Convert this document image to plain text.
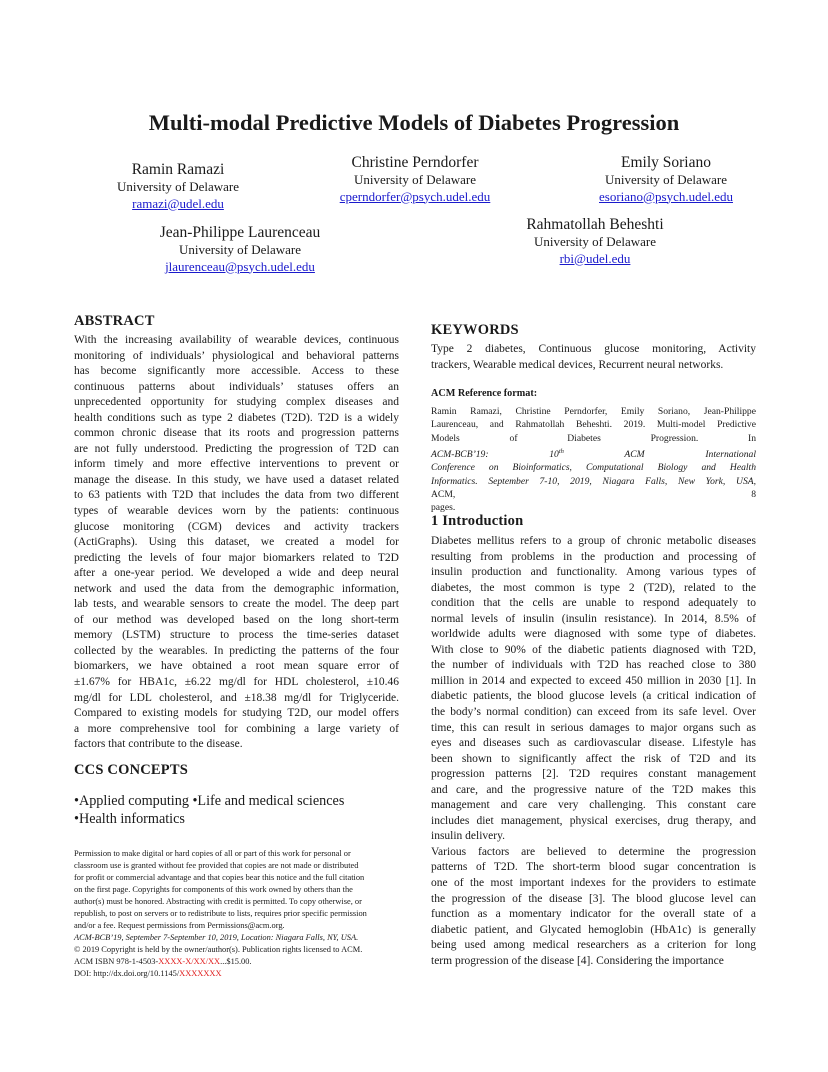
Multi-modal Predictive Models of Diabetes Progression
Ramin Ramazi
University of Delaware
ramazi@udel.edu
Christine Perndorfer
University of Delaware
cperndorfer@psych.udel.edu
Emily Soriano
University of Delaware
esoriano@psych.udel.edu
Jean-Philippe Laurenceau
University of Delaware
jlaurenceau@psych.udel.edu
Rahmatollah Beheshti
University of Delaware
rbi@udel.edu
ABSTRACT
With the increasing availability of wearable devices, continuous
monitoring of individuals’ physiological and behavioral patterns
has become significantly more accessible. Access to these
continuous patterns about individuals’ statuses offers an
unprecedented opportunity for studying complex diseases and
health conditions such as type 2 diabetes (T2D). T2D is a widely
common chronic disease that its roots and progression patterns
are not fully understood. Predicting the progression of T2D can
inform timely and more effective interventions to prevent or
manage the disease. In this study, we have used a dataset related
to 63 patients with T2D that includes the data from two different
types of wearable devices worn by the patients: continuous
glucose monitoring (CGM) devices and activity trackers
(ActiGraphs). Using this dataset, we created a model for
predicting the levels of four major biomarkers related to T2D
after a one-year period. We developed a wide and deep neural
network and used the data from the demographic information,
lab tests, and wearable sensors to create the model. The deep part
of our method was developed based on the long short-term
memory (LSTM) structure to process the time-series dataset
collected by the wearables. In predicting the patterns of the four
biomarkers, we have obtained a root mean square error of
±1.67% for HBA1c, ±6.22 mg/dl for HDL cholesterol, ±10.46
mg/dl for LDL cholesterol, and ±18.38 mg/dl for Triglyceride.
Compared to existing models for studying T2D, our model offers
a more comprehensive tool for combining a large variety of
factors that contribute to the disease.
CCS CONCEPTS
•Applied computing •Life and medical sciences
•Health informatics
Permission to make digital or hard copies of all or part of this work for personal or
classroom use is granted without fee provided that copies are not made or distributed
for profit or commercial advantage and that copies bear this notice and the full citation
on the first page. Copyrights for components of this work owned by others than the
author(s) must be honored. Abstracting with credit is permitted. To copy otherwise, or
republish, to post on servers or to redistribute to lists, requires prior specific permission
and/or a fee. Request permissions from Permissions@acm.org.
ACM-BCB’19, September 7-September 10, 2019, Location: Niagara Falls, NY, USA.
© 2019 Copyright is held by the owner/author(s). Publication rights licensed to ACM.
ACM ISBN 978-1-4503-XXXX-X/XX/XX...$15.00.
DOI: http://dx.doi.org/10.1145/XXXXXXX
KEYWORDS
Type 2 diabetes, Continuous glucose monitoring, Activity
trackers, Wearable medical devices, Recurrent neural networks.
ACM Reference format:
Ramin Ramazi, Christine Perndorfer, Emily Soriano, Jean-Philippe
Laurenceau, and Rahmatollah Beheshti. 2019. Multi-model Predictive
Models of Diabetes Progression. In
ACM-BCB’19: 10th ACM International
Conference on Bioinformatics, Computational Biology and Health
Informatics. September 7-10, 2019, Niagara Falls, New York, USA,
ACM, 8
pages.
1 Introduction
Diabetes mellitus refers to a group of chronic metabolic diseases
resulting from problems in the production and processing of
insulin production and functionality. Among various types of
diabetes, the most common is type 2 (T2D), related to the
condition that the cells are unable to respond adequately to
normal levels of insulin (insulin resistance). In 2014, 8.5% of
worldwide adults were diagnosed with some type of diabetes.
With close to 90% of the diabetic patients diagnosed with T2D,
the number of individuals with T2D has reached close to 380
million in 2014 and expected to exceed 450 million in 2030 [1]. In
diabetic patients, the blood glucose levels (a critical indication of
the body’s normal condition) can exceed from its safe level. Over
time, this can result in serious damages to major organs such as
eyes and diseases such as cardiovascular disease. Lifestyle has
been shown to significantly affect the risk of T2D and its
progression patterns [2]. T2D requires constant management
and care, and the progressive nature of the T2D makes this
management and care very challenging. This constant care
includes diet management, physical exercises, drug therapy, and
insulin delivery.
Various factors are believed to determine the progression
patterns of T2D. The short-term blood sugar concentration is
one of the most important indexes for the providers to estimate
the progression of the disease [3]. The blood glucose level can
function as a momentary indicator for the overall state of a
diabetic patient, and Glycated hemoglobin (HbA1c) is generally
being used among medical researchers as a criterion for long
term progression of the disease [4]. Considering the importance
